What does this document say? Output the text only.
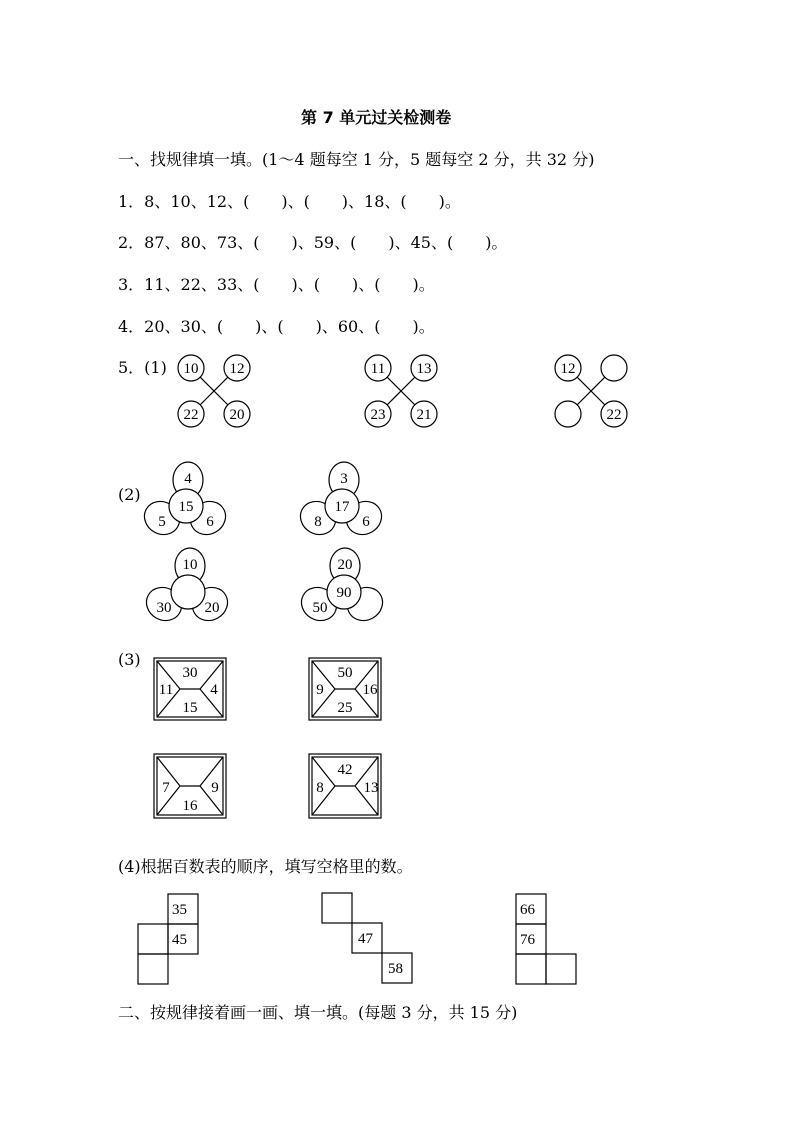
第 7 单元过关检测卷
一、找规律填一填。(1～4 题每空 1 分，5 题每空 2 分，共 32 分)
1．8、10、12、(　　)、(　　)、18、(　　)。
2．87、80、73、(　　)、59、(　　)、45、(　　)。
3．11、22、33、(　　)、(　　)、(　　)。
4．20、30、(　　)、(　　)、60、(　　)。
5．(1)
(2)
(3)
(4)根据百数表的顺序，填写空格里的数。
二、按规律接着画一画、填一填。(每题 3 分，共 15 分)
10 12
22 20
11 13
23 21
12
22
4
15
5	6
3
17
8	6
10
30 20
20
90
50
30
11 4
15
50
9	16
25
7	9
16
42
8	13
35
45	47
58
66
76
